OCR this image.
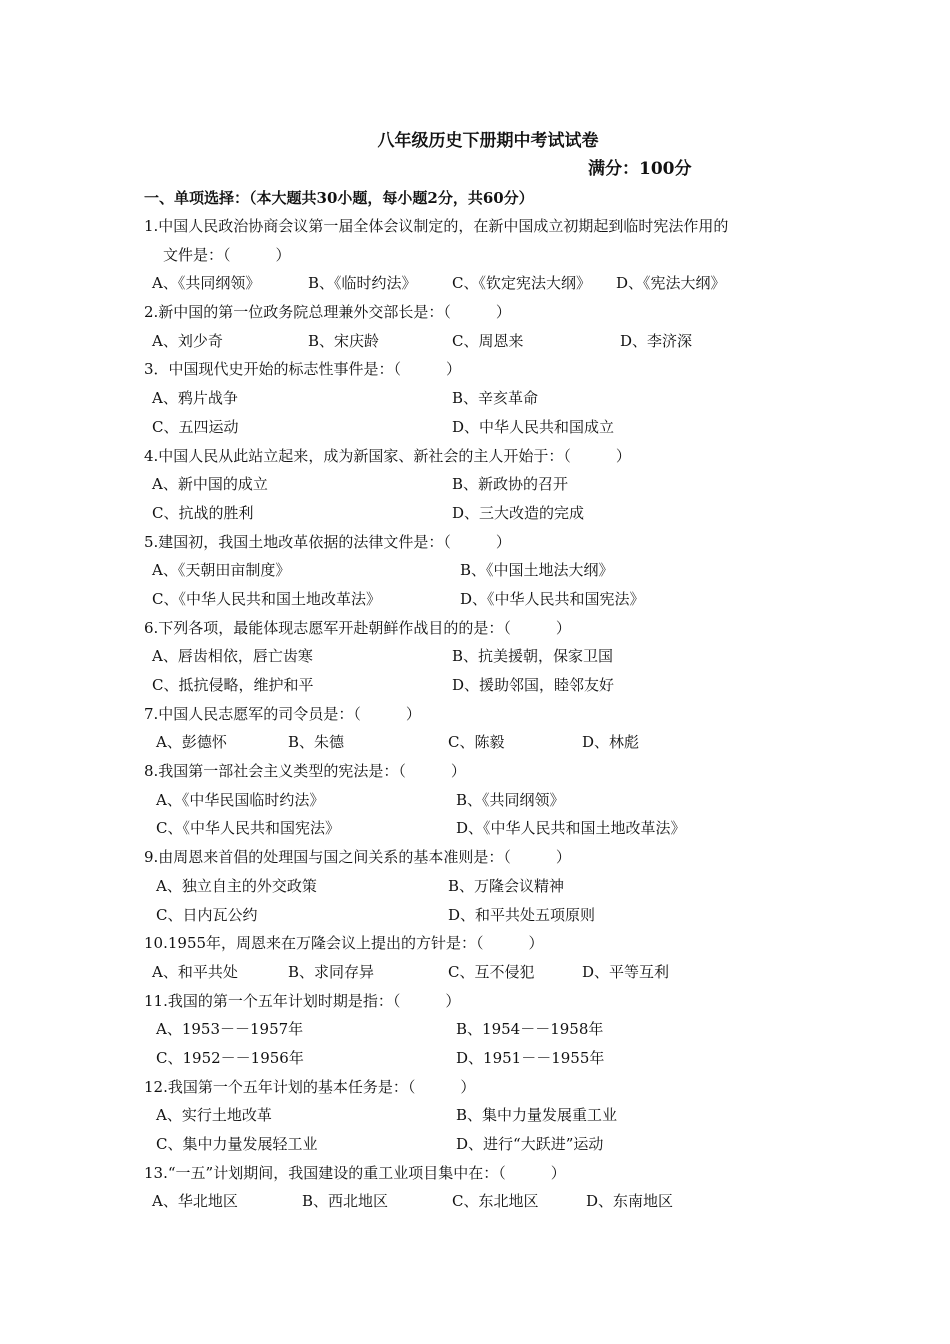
八年级历史下册期中考试试卷
满分：100分
一、单项选择：（本大题共30小题，每小题2分，共60分）
1.中国人民政治协商会议第一届全体会议制定的，在新中国成立初期起到临时宪法作用的
文件是：（　　　）
A、《共同纲领》	B、《临时约法》 C、《钦定宪法大纲》 D、《宪法大纲》
2.新中国的第一位政务院总理兼外交部长是：（　　　）
A、刘少奇	B、宋庆龄	C、周恩来	D、李济深
3．中国现代史开始的标志性事件是：（　　　）
A、鸦片战争	B、辛亥革命
C、五四运动	D、中华人民共和国成立
4.中国人民从此站立起来，成为新国家、新社会的主人开始于：（　　　）
A、新中国的成立	B、新政协的召开
C、抗战的胜利	D、三大改造的完成
5.建国初，我国土地改革依据的法律文件是：（　　　）
A、《天朝田亩制度》	B、《中国土地法大纲》
C、《中华人民共和国土地改革法》	D、《中华人民共和国宪法》
6.下列各项，最能体现志愿军开赴朝鲜作战目的的是：（　　　）
A、唇齿相依，唇亡齿寒	B、抗美援朝，保家卫国
C、抵抗侵略，维护和平	D、援助邻国，睦邻友好
7.中国人民志愿军的司令员是：（　　　）
A、彭德怀	B、朱德	C、陈毅	D、林彪
8.我国第一部社会主义类型的宪法是：（　　　）
A、《中华民国临时约法》	B、《共同纲领》
C、《中华人民共和国宪法》	D、《中华人民共和国土地改革法》
9.由周恩来首倡的处理国与国之间关系的基本准则是：（　　　）
A、独立自主的外交政策	B、万隆会议精神
C、日内瓦公约	D、和平共处五项原则
10.1955年，周恩来在万隆会议上提出的方针是：（　　　）
A、和平共处	B、求同存异	C、互不侵犯	D、平等互利
11.我国的第一个五年计划时期是指：（　　　）
A、1953－－1957年	B、1954－－1958年
C、1952－－1956年	D、1951－－1955年
12.我国第一个五年计划的基本任务是：（　　　）
A、实行土地改革	B、集中力量发展重工业
C、集中力量发展轻工业	D、进行“大跃进”运动
13.“一五”计划期间，我国建设的重工业项目集中在：（　　　）
A、华北地区	B、西北地区	C、东北地区	D、东南地区
